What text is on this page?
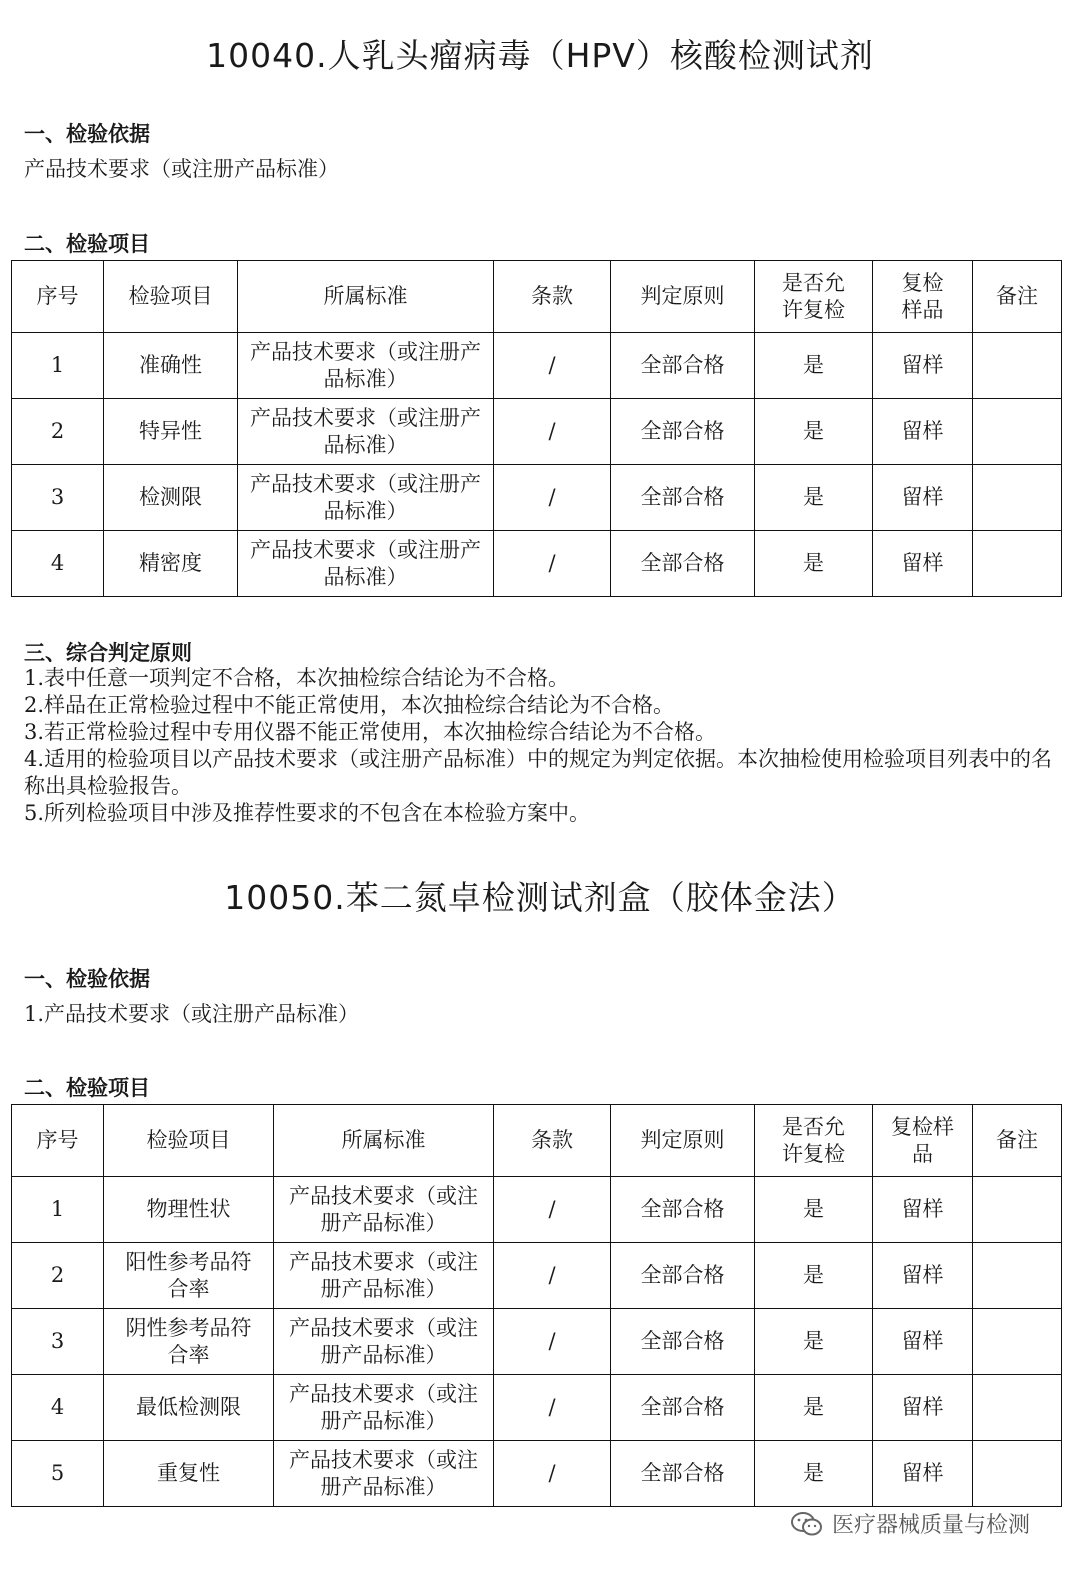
10040.人乳头瘤病毒（HPV）核酸检测试剂
一、检验依据
产品技术要求（或注册产品标准）
二、检验项目
序号	检验项目	所属标准	条款	判定原则	是否允许复检	复检样品	备注
1	准确性	产品技术要求（或注册产品标准）	/	全部合格	是	留样	
2	特异性	产品技术要求（或注册产品标准）	/	全部合格	是	留样	
3	检测限	产品技术要求（或注册产品标准）	/	全部合格	是	留样	
4	精密度	产品技术要求（或注册产品标准）	/	全部合格	是	留样	
三、综合判定原则
1.表中任意一项判定不合格，本次抽检综合结论为不合格。
2.样品在正常检验过程中不能正常使用，本次抽检综合结论为不合格。
3.若正常检验过程中专用仪器不能正常使用，本次抽检综合结论为不合格。
4.适用的检验项目以产品技术要求（或注册产品标准）中的规定为判定依据。本次抽检使用检验项目列表中的名称出具检验报告。
5.所列检验项目中涉及推荐性要求的不包含在本检验方案中。
10050.苯二氮卓检测试剂盒（胶体金法）
一、检验依据
1.产品技术要求（或注册产品标准）
二、检验项目
序号	检验项目	所属标准	条款	判定原则	是否允许复检	复检样品	备注
1	物理性状	产品技术要求（或注册产品标准）	/	全部合格	是	留样	
2	阳性参考品符合率	产品技术要求（或注册产品标准）	/	全部合格	是	留样	
3	阴性参考品符合率	产品技术要求（或注册产品标准）	/	全部合格	是	留样	
4	最低检测限	产品技术要求（或注册产品标准）	/	全部合格	是	留样	
5	重复性	产品技术要求（或注册产品标准）	/	全部合格	是	留样	
医疗器械质量与检测
